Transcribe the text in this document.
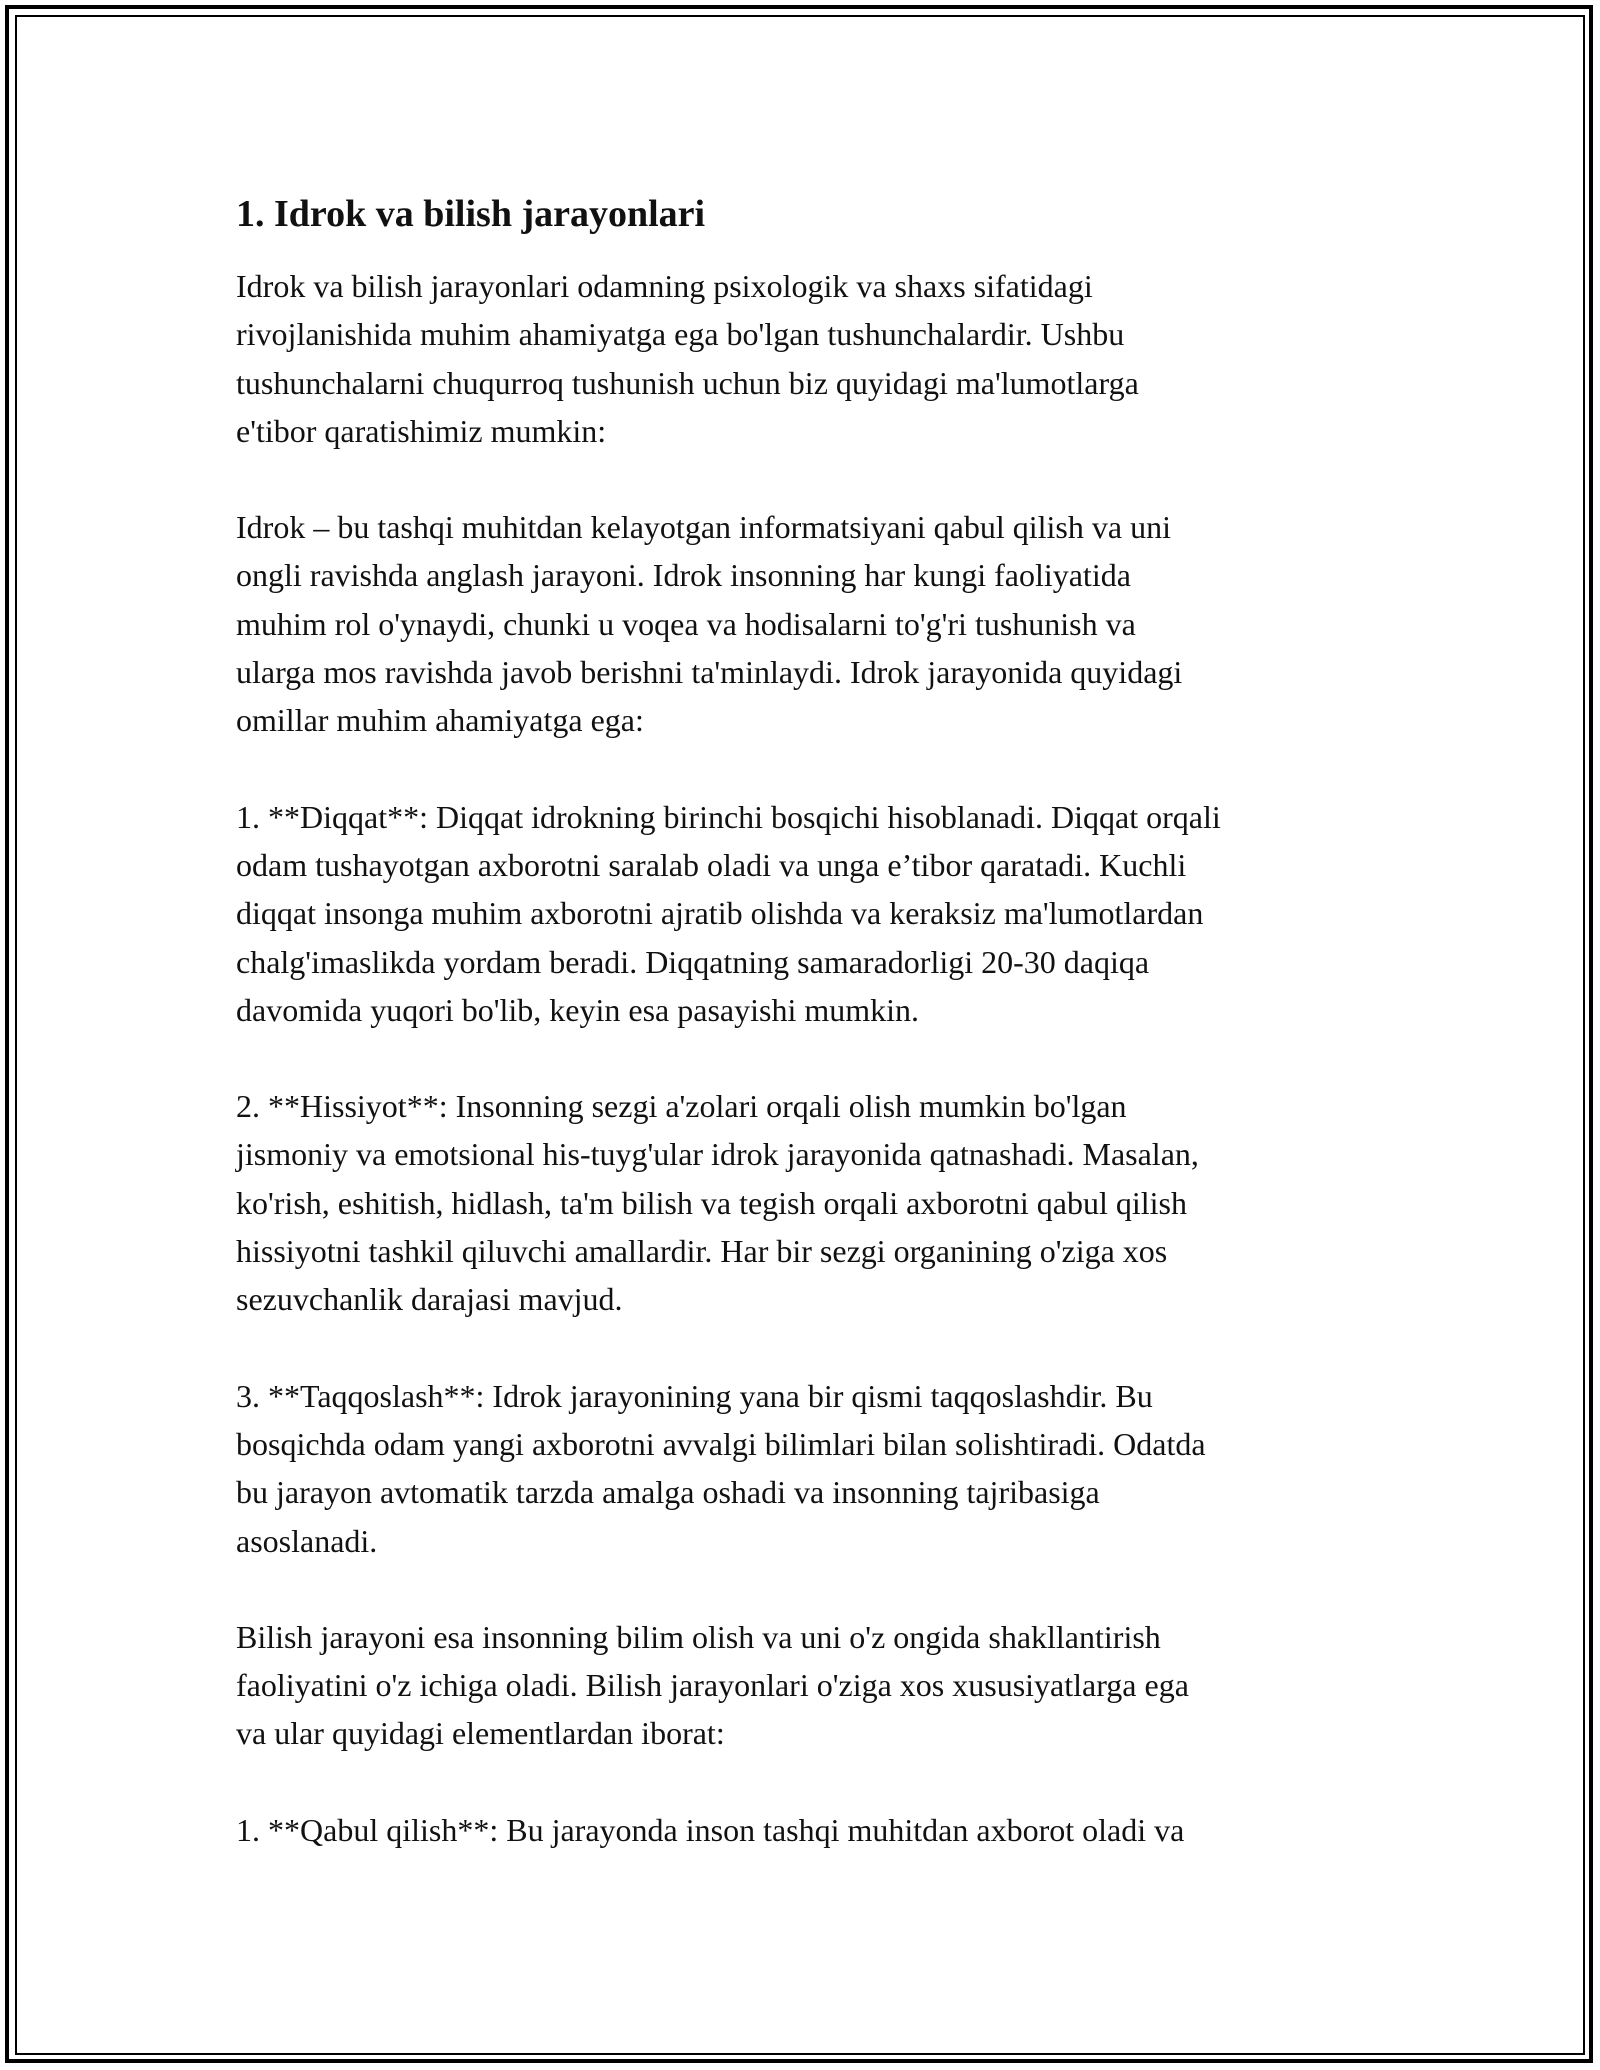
1. Idrok va bilish jarayonlari

Idrok va bilish jarayonlari odamning psixologik va shaxs sifatidagi
rivojlanishida muhim ahamiyatga ega bo'lgan tushunchalardir. Ushbu
tushunchalarni chuqurroq tushunish uchun biz quyidagi ma'lumotlarga
e'tibor qaratishimiz mumkin:

Idrok – bu tashqi muhitdan kelayotgan informatsiyani qabul qilish va uni
ongli ravishda anglash jarayoni. Idrok insonning har kungi faoliyatida
muhim rol o'ynaydi, chunki u voqea va hodisalarni to'g'ri tushunish va
ularga mos ravishda javob berishni ta'minlaydi. Idrok jarayonida quyidagi
omillar muhim ahamiyatga ega:

1. **Diqqat**: Diqqat idrokning birinchi bosqichi hisoblanadi. Diqqat orqali
odam tushayotgan axborotni saralab oladi va unga e’tibor qaratadi. Kuchli
diqqat insonga muhim axborotni ajratib olishda va keraksiz ma'lumotlardan
chalg'imaslikda yordam beradi. Diqqatning samaradorligi 20-30 daqiqa
davomida yuqori bo'lib, keyin esa pasayishi mumkin.

2. **Hissiyot**: Insonning sezgi a'zolari orqali olish mumkin bo'lgan
jismoniy va emotsional his-tuyg'ular idrok jarayonida qatnashadi. Masalan,
ko'rish, eshitish, hidlash, ta'm bilish va tegish orqali axborotni qabul qilish
hissiyotni tashkil qiluvchi amallardir. Har bir sezgi organining o'ziga xos
sezuvchanlik darajasi mavjud.

3. **Taqqoslash**: Idrok jarayonining yana bir qismi taqqoslashdir. Bu
bosqichda odam yangi axborotni avvalgi bilimlari bilan solishtiradi. Odatda
bu jarayon avtomatik tarzda amalga oshadi va insonning tajribasiga
asoslanadi.

Bilish jarayoni esa insonning bilim olish va uni o'z ongida shakllantirish
faoliyatini o'z ichiga oladi. Bilish jarayonlari o'ziga xos xususiyatlarga ega
va ular quyidagi elementlardan iborat:

1. **Qabul qilish**: Bu jarayonda inson tashqi muhitdan axborot oladi va
